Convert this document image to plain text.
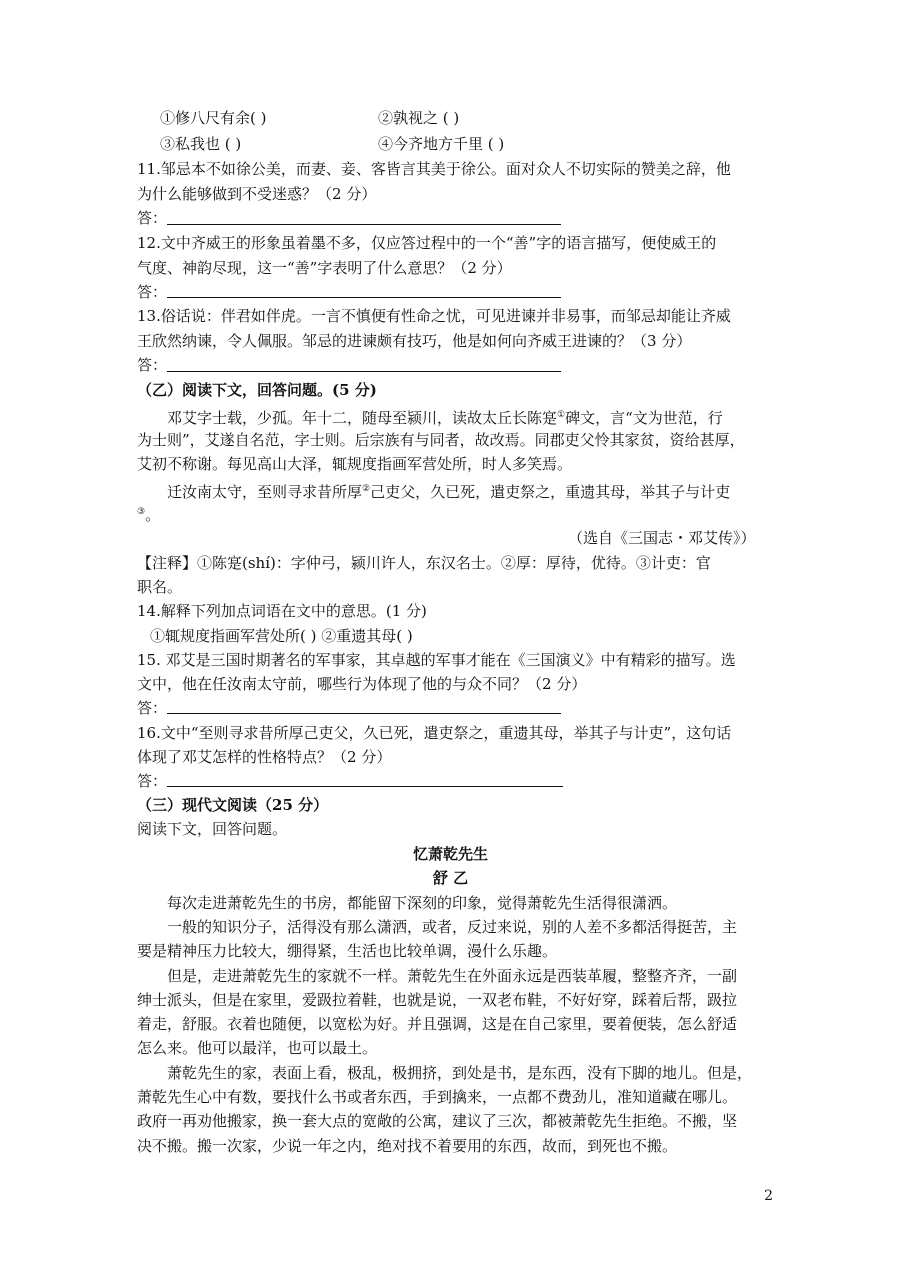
①修八尺有余( )	②孰视之 ( )
③私我也 ( )	④今齐地方千里 ( )
11.邹忌本不如徐公美，而妻、妾、客皆言其美于徐公。面对众人不切实际的赞美之辞，他
为什么能够做到不受迷惑？（2 分）
答：
12.文中齐威王的形象虽着墨不多，仅应答过程中的一个“善”字的语言描写，便使威王的
气度、神韵尽现，这一“善”字表明了什么意思？（2 分）
答：
13.俗话说：伴君如伴虎。一言不慎便有性命之忧，可见进谏并非易事，而邹忌却能让齐威
王欣然纳谏，令人佩服。邹忌的进谏颇有技巧，他是如何向齐威王进谏的？（3 分）
答：
（乙）阅读下文，回答问题。(5 分)
邓艾字士载，少孤。年十二，随母至颍川，读故太丘长陈寔①碑文，言“文为世范，行
为士则”，艾遂自名范，字士则。后宗族有与同者，故改焉。同郡吏父怜其家贫，资给甚厚，
艾初不称谢。每见高山大泽，辄规度指画军营处所，时人多笑焉。
迁汝南太守，至则寻求昔所厚②己吏父，久已死，遣吏祭之，重遗其母，举其子与计吏
③。
（选自《三国志・邓艾传》）
【注释】①陈寔(shí)：字仲弓，颍川许人，东汉名士。②厚：厚待，优待。③计吏：官
职名。
14.解释下列加点词语在文中的意思。(1 分)
①辄规度指画军营处所( ) ②重遗其母( )
15. 邓艾是三国时期著名的军事家，其卓越的军事才能在《三国演义》中有精彩的描写。选
文中，他在任汝南太守前，哪些行为体现了他的与众不同？（2 分）
答：
16.文中“至则寻求昔所厚己吏父，久已死，遣吏祭之，重遗其母，举其子与计吏”，这句话
体现了邓艾怎样的性格特点？（2 分）
答：
（三）现代文阅读（25 分）
阅读下文，回答问题。
忆萧乾先生
舒 乙
每次走进萧乾先生的书房，都能留下深刻的印象，觉得萧乾先生活得很潇洒。
一般的知识分子，活得没有那么潇洒，或者，反过来说，别的人差不多都活得挺苦，主
要是精神压力比较大，绷得紧，生活也比较单调，漫什么乐趣。
但是，走进萧乾先生的家就不一样。萧乾先生在外面永远是西装革履，整整齐齐，一副
绅士派头，但是在家里，爱趿拉着鞋，也就是说，一双老布鞋，不好好穿，踩着后帮，趿拉
着走，舒服。衣着也随便，以宽松为好。并且强调，这是在自己家里，要着便装，怎么舒适
怎么来。他可以最洋，也可以最土。
萧乾先生的家，表面上看，极乱，极拥挤，到处是书，是东西，没有下脚的地儿。但是，
萧乾先生心中有数，要找什么书或者东西，手到擒来，一点都不费劲儿，准知道藏在哪儿。
政府一再劝他搬家，换一套大点的宽敞的公寓，建议了三次，都被萧乾先生拒绝。不搬，坚
决不搬。搬一次家，少说一年之内，绝对找不着要用的东西，故而，到死也不搬。
2
